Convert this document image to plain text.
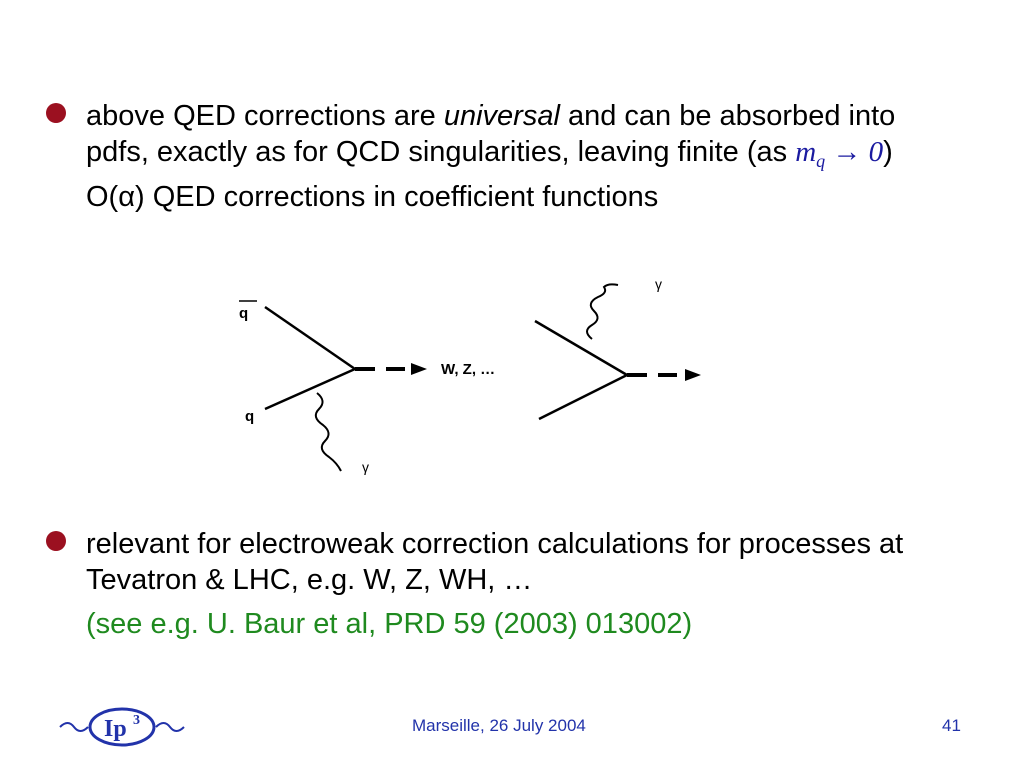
above QED corrections are universal and can be absorbed into pdfs, exactly as for QCD singularities, leaving finite (as $m_q \to 0$) O(α) QED corrections in coefficient functions
q
q
W, Z, …
γ
γ
relevant for electroweak correction calculations for processes at Tevatron & LHC, e.g. W, Z, WH, …
(see e.g. U. Baur et al, PRD 59 (2003) 013002)
Ip 3	Marseille, 26 July 2004	41
